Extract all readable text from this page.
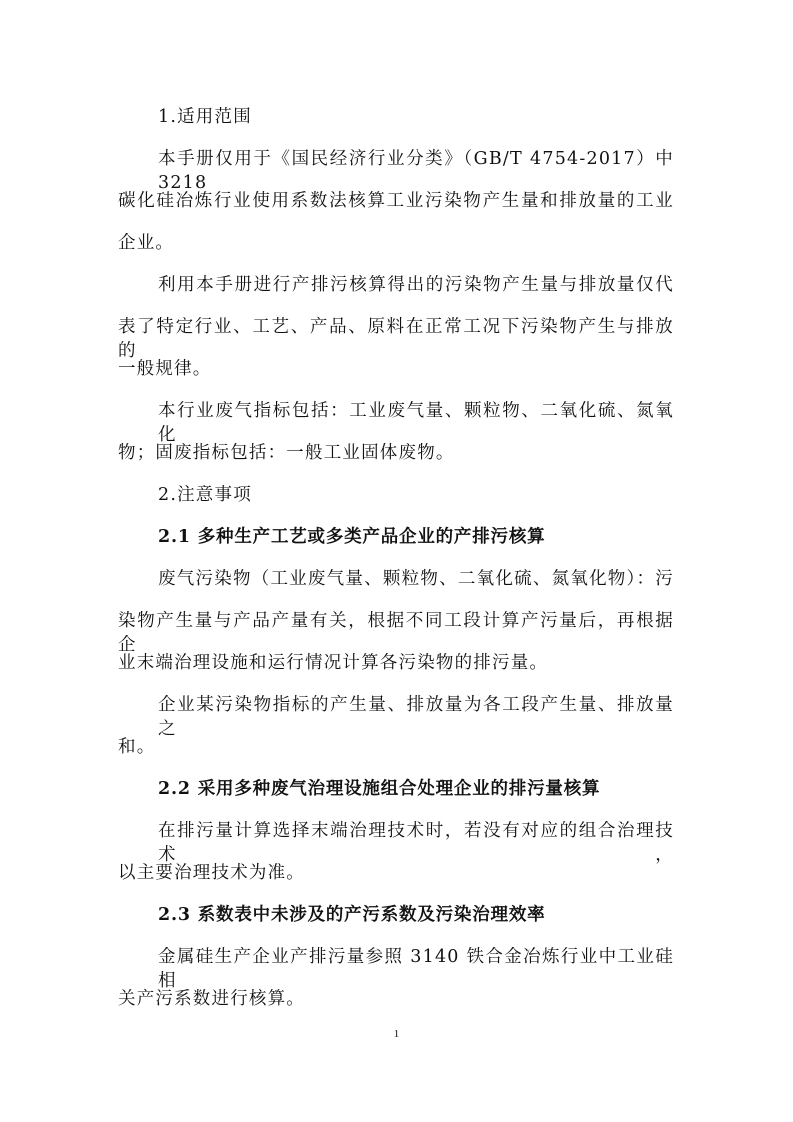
1.适用范围
本手册仅用于《国民经济行业分类》（GB/T 4754-2017）中 3218
碳化硅冶炼行业使用系数法核算工业污染物产生量和排放量的工业
企业。
利用本手册进行产排污核算得出的污染物产生量与排放量仅代
表了特定行业、工艺、产品、原料在正常工况下污染物产生与排放的
一般规律。
本行业废气指标包括：工业废气量、颗粒物、二氧化硫、氮氧化
物；固废指标包括：一般工业固体废物。
2.注意事项
2.1 多种生产工艺或多类产品企业的产排污核算
废气污染物（工业废气量、颗粒物、二氧化硫、氮氧化物）：污
染物产生量与产品产量有关，根据不同工段计算产污量后，再根据企
业末端治理设施和运行情况计算各污染物的排污量。
企业某污染物指标的产生量、排放量为各工段产生量、排放量之
和。
2.2 采用多种废气治理设施组合处理企业的排污量核算
在排污量计算选择末端治理技术时，若没有对应的组合治理技术，
以主要治理技术为准。
2.3 系数表中未涉及的产污系数及污染治理效率
金属硅生产企业产排污量参照 3140 铁合金冶炼行业中工业硅相
关产污系数进行核算。
1
